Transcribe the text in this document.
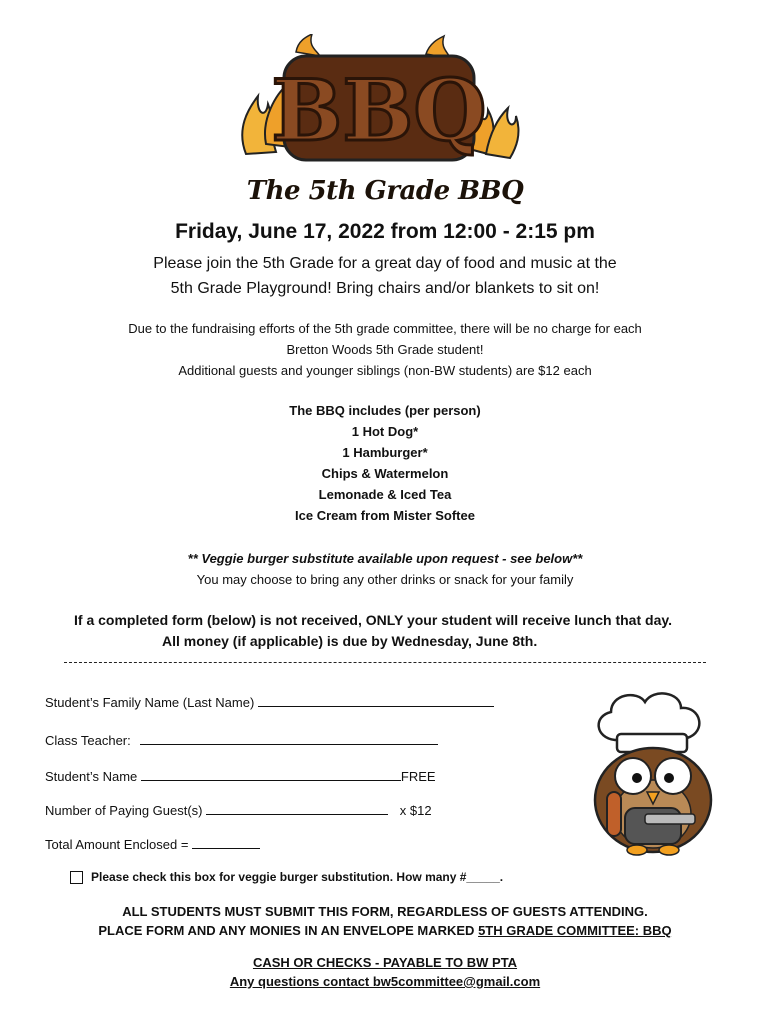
BBQ
The 5th Grade BBQ
Friday, June 17, 2022 from 12:00 - 2:15 pm
Please join the 5th Grade for a great day of food and music at the
5th Grade Playground! Bring chairs and/or blankets to sit on!
Due to the fundraising efforts of the 5th grade committee, there will be no charge for each
Bretton Woods 5th Grade student!
Additional guests and younger siblings (non-BW students) are $12 each
The BBQ includes (per person)
1 Hot Dog*
1 Hamburger*
Chips & Watermelon
Lemonade & Iced Tea
Ice Cream from Mister Softee
** Veggie burger substitute available upon request - see below**
You may choose to bring any other drinks or snack for your family
If a completed form (below) is not received, ONLY your student will receive lunch that day.
All money (if applicable) is due by Wednesday, June 8th.
Student’s Family Name (Last Name)
Class Teacher:
Student’s Name	FREE
Number of Paying Guest(s)	x $12
Total Amount Enclosed =
Please check this box for veggie burger substitution. How many #_____.
ALL STUDENTS MUST SUBMIT THIS FORM, REGARDLESS OF GUESTS ATTENDING.
PLACE FORM AND ANY MONIES IN AN ENVELOPE MARKED 5TH GRADE COMMITTEE: BBQ
CASH OR CHECKS - PAYABLE TO BW PTA
Any questions contact bw5committee@gmail.com
